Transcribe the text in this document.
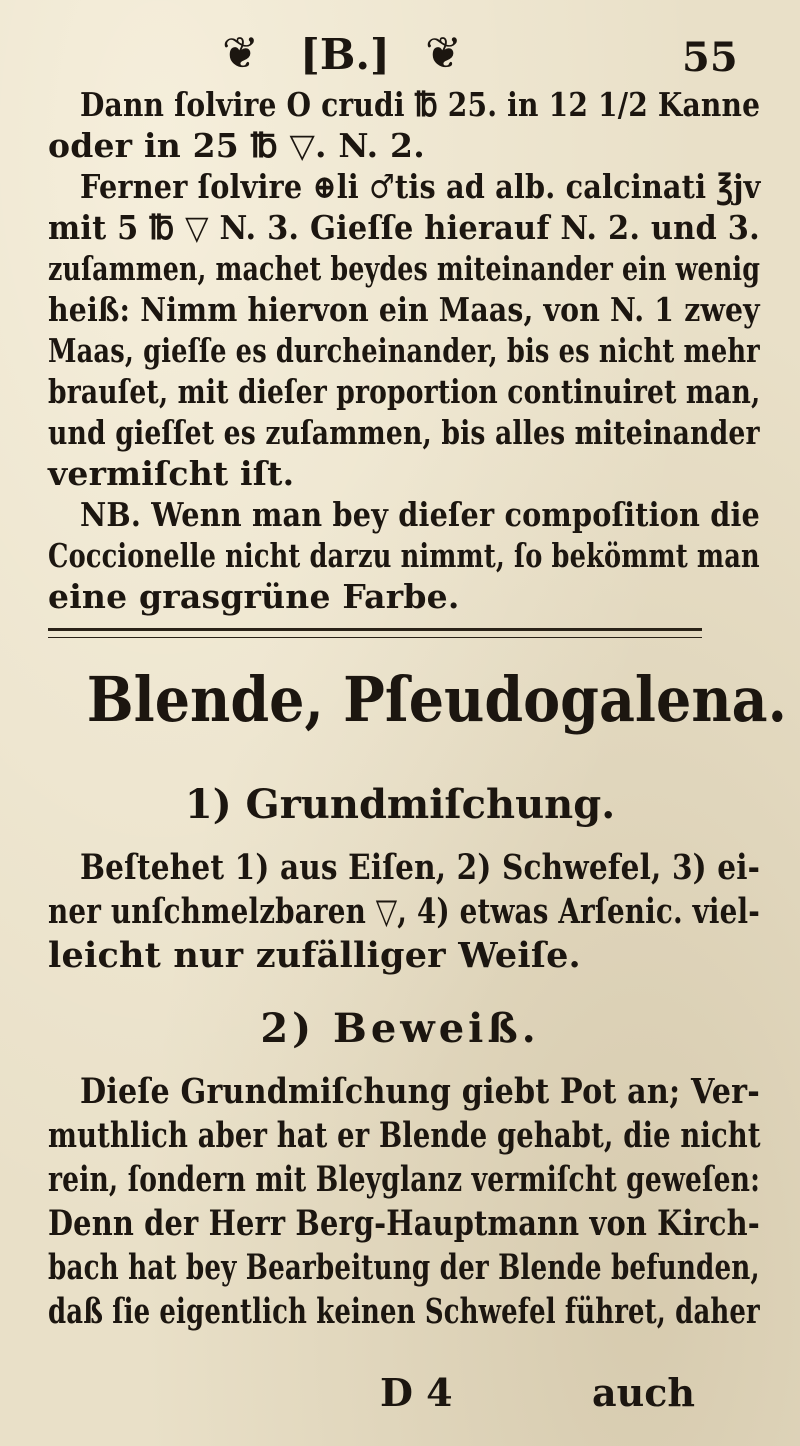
❦ [B.] ❦	55
Dann ſolvire O crudi ℔ 25. in 12 1/2 Kanne
oder in 25 ℔ ▽. N. 2.
Ferner ſolvire ⊕li ♂tis ad alb. calcinati ℥jv
mit 5 ℔ ▽ N. 3. Gieſſe hierauf N. 2. und 3.
zuſammen, machet beydes miteinander ein wenig
heiß: Nimm hiervon ein Maas, von N. 1 zwey
Maas, gieſſe es durcheinander, bis es nicht mehr
brauſet, mit dieſer proportion continuiret man,
und gieſſet es zuſammen, bis alles miteinander
vermiſcht iſt.
NB. Wenn man bey dieſer compoſition die
Coccionelle nicht darzu nimmt, ſo bekömmt man
Blende, Pſeudogalena.
1) Grundmiſchung.
Beſtehet 1) aus Eiſen, 2) Schwefel, 3) ei-
ner unſchmelzbaren ▽, 4) etwas Arſenic. viel-
leicht nur zufälliger Weiſe.
2) Beweiß.
Dieſe Grundmiſchung giebt Pot an; Ver-
muthlich aber hat er Blende gehabt, die nicht
rein, ſondern mit Bleyglanz vermiſcht geweſen:
Denn der Herr Berg-Hauptmann von Kirch-
bach hat bey Bearbeitung der Blende befunden,
daß ſie eigentlich keinen Schwefel führet, daher
D 4	auch
eine grasgrüne Farbe.
